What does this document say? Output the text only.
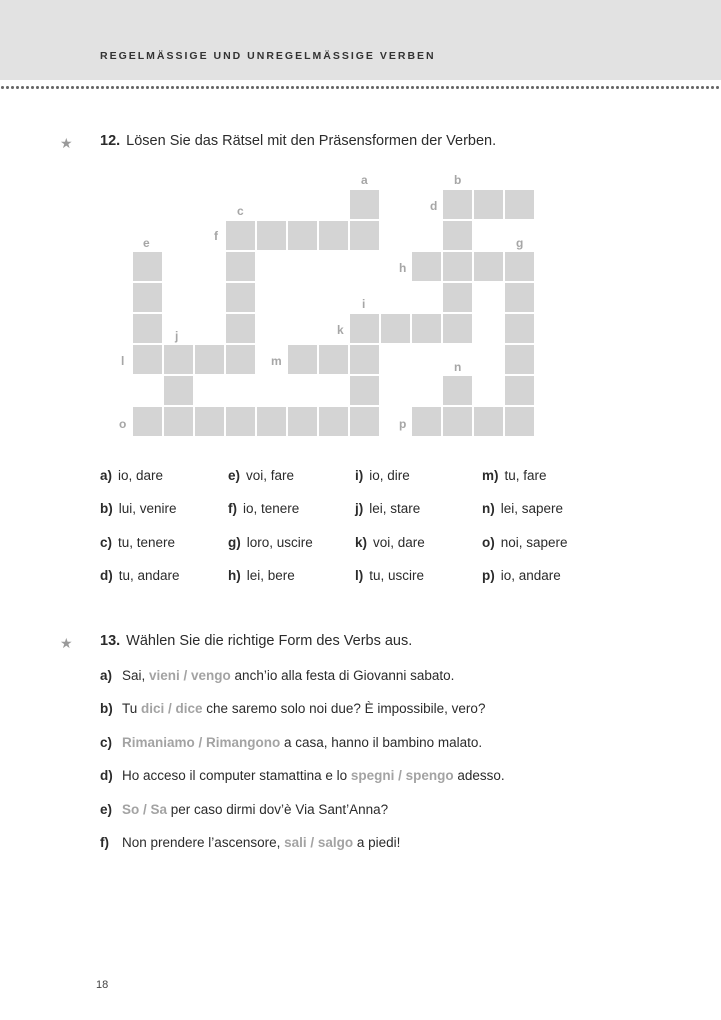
REGELMÄSSIGE UND UNREGELMÄSSIGE VERBEN
★ 12. Lösen Sie das Rätsel mit den Präsensformen der Verben.
a	b
c	d
e	f	g
h
i
j	k
l	m	n
o	p
a) io, dare
b) lui, venire
c) tu, tenere
d) tu, andare
e) voi, fare
f) io, tenere
g) loro, uscire
h) lei, bere
i) io, dire
j) lei, stare
k) voi, dare
l) tu, uscire
m) tu, fare
n) lei, sapere
o) noi, sapere
p) io, andare
★ 13. Wählen Sie die richtige Form des Verbs aus.
a) Sai, vieni / vengo anch’io alla festa di Giovanni sabato.
b) Tu dici / dice che saremo solo noi due? È impossibile, vero?
c) Rimaniamo / Rimangono a casa, hanno il bambino malato.
d) Ho acceso il computer stamattina e lo spegni / spengo adesso.
e) So / Sa per caso dirmi dov’è Via Sant’Anna?
f) Non prendere l’ascensore, sali / salgo a piedi!
18
